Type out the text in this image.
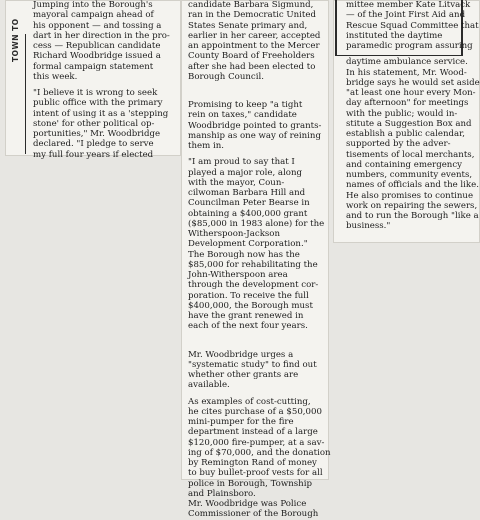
TOWN TO
Jumping into the Borough's
mayoral campaign ahead of
his opponent — and tossing a
dart in her direction in the pro-
cess — Republican candidate
Richard Woodbridge issued a
formal campaign statement
this week.
"I believe it is wrong to seek
public office with the primary
intent of using it as a 'stepping
stone' for other political op-
portunities," Mr. Woodbridge
declared. "I pledge to serve
my full four years if elected
candidate Barbara Sigmund,
ran in the Democratic United
States Senate primary and,
earlier in her career, accepted
an appointment to the Mercer
County Board of Freeholders
after she had been elected to
Borough Council.
Promising to keep "a tight
rein on taxes," candidate
Woodbridge pointed to grants-
manship as one way of reining
them in.
"I am proud to say that I
played a major role, along
with the mayor, Coun-
cilwoman Barbara Hill and
Councilman Peter Bearse in
obtaining a $400,000 grant
($85,000 in 1983 alone) for the
Witherspoon-Jackson
Development Corporation."
The Borough now has the
$85,000 for rehabilitating the
John-Witherspoon area
through the development cor-
poration. To receive the full
$400,000, the Borough must
have the grant renewed in
each of the next four years.
Mr. Woodbridge urges a
"systematic study" to find out
whether other grants are
available.
As examples of cost-cutting,
he cites purchase of a $50,000
mini-pumper for the fire
department instead of a large
$120,000 fire-pumper, at a sav-
ing of $70,000, and the donation
by Remington Rand of money
to buy bullet-proof vests for all
police in Borough, Township
and Plainsboro.
Mr. Woodbridge was Police
Commissioner of the Borough
mittee member Kate Litvack
— of the Joint First Aid and
Rescue Squad Committee that
instituted the daytime
paramedic program assuring
daytime ambulance service.
In his statement, Mr. Wood-
bridge says he would set aside
"at least one hour every Mon-
day afternoon" for meetings
with the public; would in-
stitute a Suggestion Box and
establish a public calendar,
supported by the adver-
tisements of local merchants,
and containing emergency
numbers, community events,
names of officials and the like.
He also promises to continue
work on repairing the sewers,
and to run the Borough "like a
business."
